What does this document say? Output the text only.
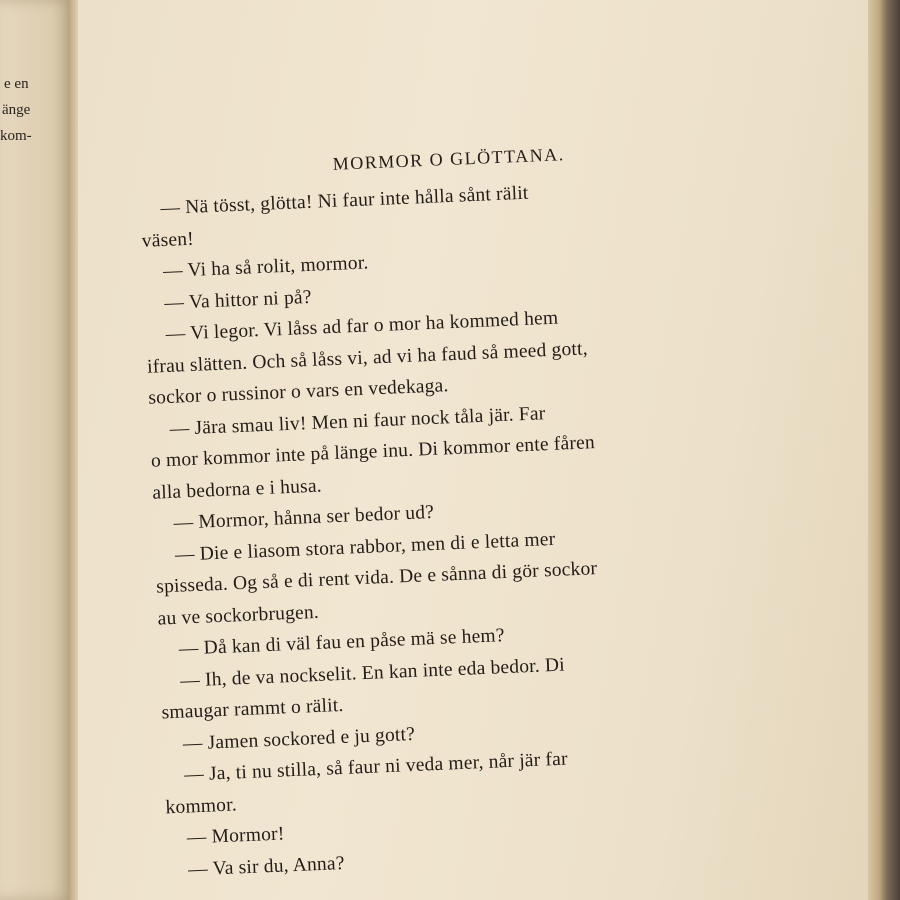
e en
änge
kom-
MORMOR O GLÖTTANA.
— Nä tösst, glötta! Ni faur inte hålla sånt rälit
väsen!
— Vi ha så rolit, mormor.
— Va hittor ni på?
— Vi legor. Vi låss ad far o mor ha kommed hem
ifrau slätten. Och så låss vi, ad vi ha faud så meed gott,
sockor o russinor o vars en vedekaga.
— Jära smau liv! Men ni faur nock tåla jär. Far
o mor kommor inte på länge inu. Di kommor ente fåren
alla bedorna e i husa.
— Mormor, hånna ser bedor ud?
— Die e liasom stora rabbor, men di e letta mer
spisseda. Og så e di rent vida. De e sånna di gör sockor
au ve sockorbrugen.
— Då kan di väl fau en påse mä se hem?
— Ih, de va nockselit. En kan inte eda bedor. Di
smaugar rammt o rälit.
— Jamen sockored e ju gott?
— Ja, ti nu stilla, så faur ni veda mer, når jär far
kommor.
— Mormor!
— Va sir du, Anna?
